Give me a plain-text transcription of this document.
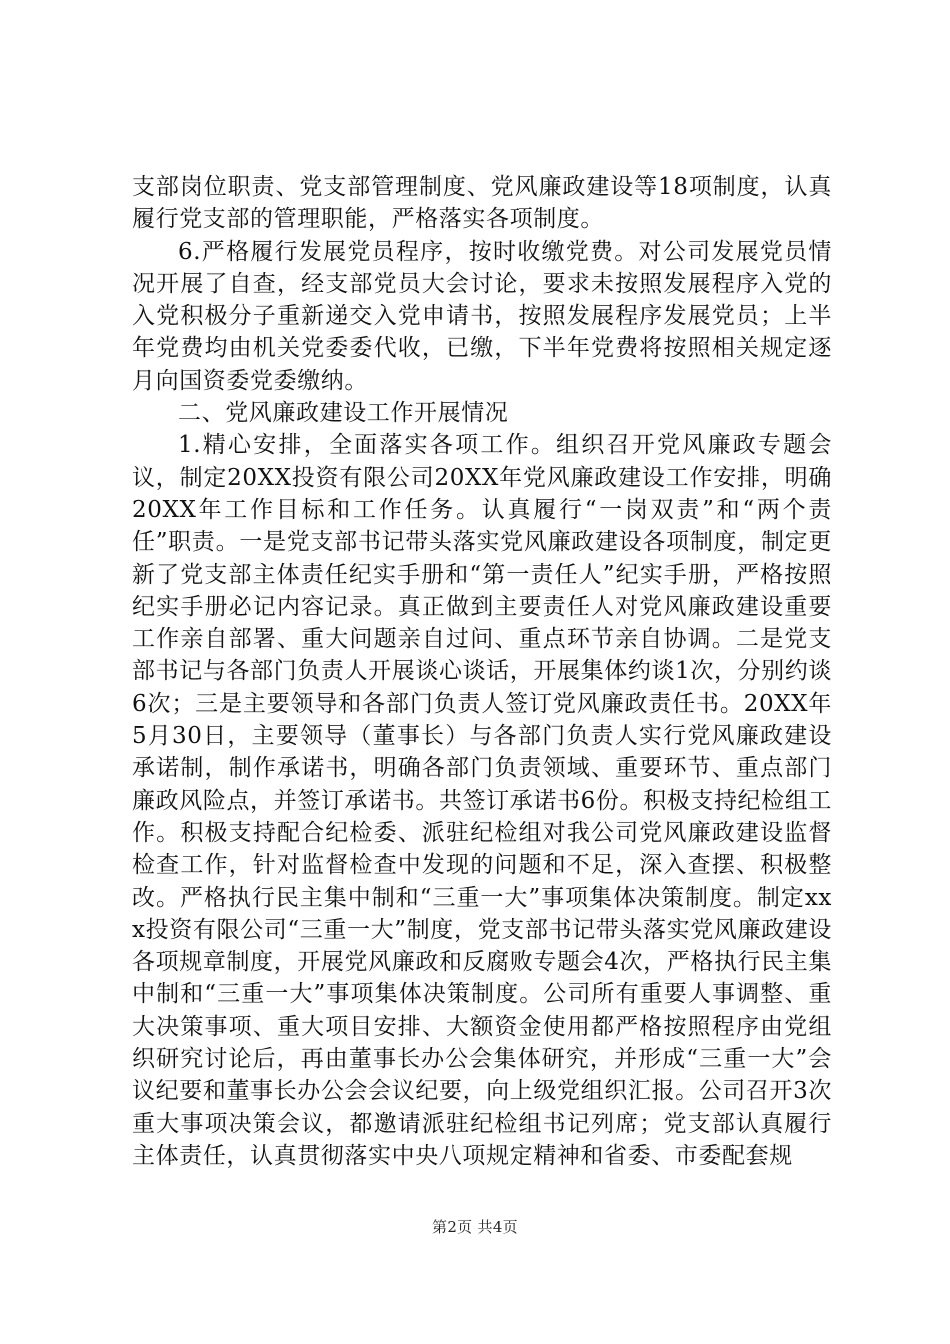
支部岗位职责、党支部管理制度、党风廉政建设等18项制度，认真履行党支部的管理职能，严格落实各项制度。

6.严格履行发展党员程序，按时收缴党费。对公司发展党员情况开展了自查，经支部党员大会讨论，要求未按照发展程序入党的入党积极分子重新递交入党申请书，按照发展程序发展党员；上半年党费均由机关党委委代收，已缴，下半年党费将按照相关规定逐月向国资委党委缴纳。

二、党风廉政建设工作开展情况

1.精心安排，全面落实各项工作。组织召开党风廉政专题会议，制定20XX投资有限公司20XX年党风廉政建设工作安排，明确20XX年工作目标和工作任务。认真履行“一岗双责”和“两个责任”职责。一是党支部书记带头落实党风廉政建设各项制度，制定更新了党支部主体责任纪实手册和“第一责任人”纪实手册，严格按照纪实手册必记内容记录。真正做到主要责任人对党风廉政建设重要工作亲自部署、重大问题亲自过问、重点环节亲自协调。二是党支部书记与各部门负责人开展谈心谈话，开展集体约谈1次，分别约谈6次；三是主要领导和各部门负责人签订党风廉政责任书。20XX年5月30日，主要领导（董事长）与各部门负责人实行党风廉政建设承诺制，制作承诺书，明确各部门负责领域、重要环节、重点部门廉政风险点，并签订承诺书。共签订承诺书6份。积极支持纪检组工作。积极支持配合纪检委、派驻纪检组对我公司党风廉政建设监督检查工作，针对监督检查中发现的问题和不足，深入查摆、积极整改。严格执行民主集中制和“三重一大”事项集体决策制度。制定xxx投资有限公司“三重一大”制度，党支部书记带头落实党风廉政建设各项规章制度，开展党风廉政和反腐败专题会4次，严格执行民主集中制和“三重一大”事项集体决策制度。公司所有重要人事调整、重大决策事项、重大项目安排、大额资金使用都严格按照程序由党组织研究讨论后，再由董事长办公会集体研究，并形成“三重一大”会议纪要和董事长办公会会议纪要，向上级党组织汇报。公司召开3次重大事项决策会议，都邀请派驻纪检组书记列席；党支部认真履行主体责任，认真贯彻落实中央八项规定精神和省委、市委配套规

第2页 共4页
